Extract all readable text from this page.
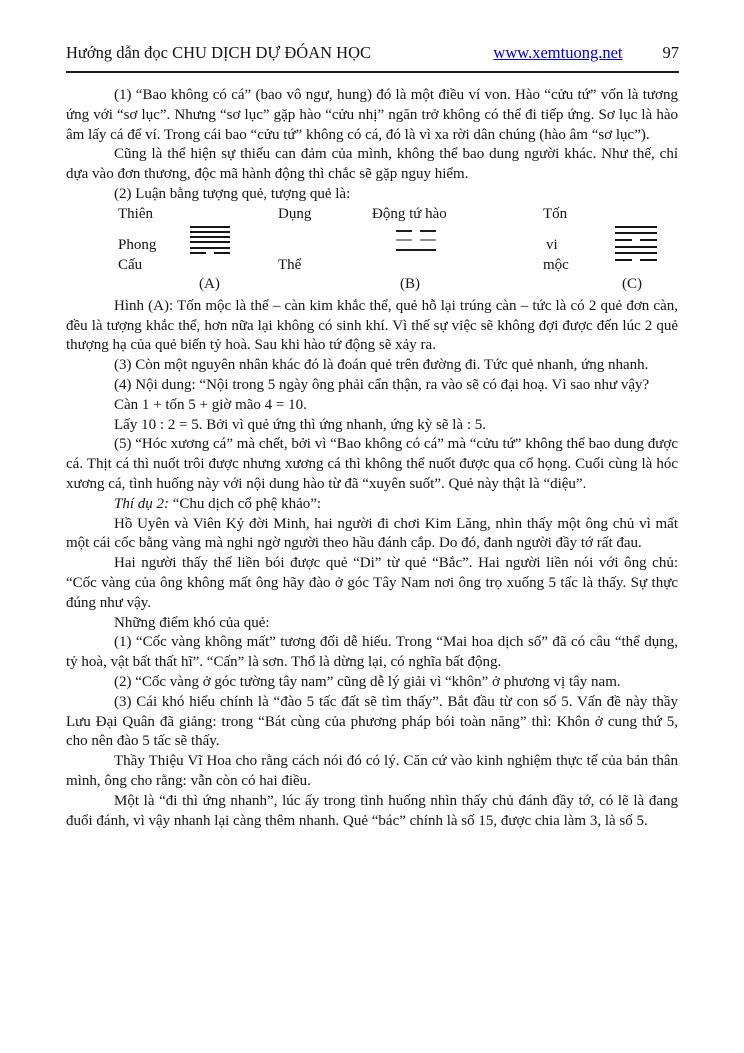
Hướng dẫn đọc CHU DỊCH DỰ ĐÓAN HỌC	www.xemtuong.net 97

(1) “Bao không có cá” (bao vô ngư, hung) đó là một điều ví von. Hào “cửu tứ” vốn là tương ứng với “sơ lục”. Nhưng “sơ lục” gặp hào “cửu nhị” ngăn trở không có thể đi tiếp ứng. Sơ lục là hào âm lấy cá để ví. Trong cái bao “cửu tứ” không có cá, đó là vì xa rời dân chúng (hào âm “sơ lục”).

Cũng là thể hiện sự thiếu can đảm của mình, không thể bao dung người khác. Như thế, chỉ dựa vào đơn thương, độc mã hành động thì chắc sẽ gặp nguy hiểm.

(2) Luận bằng tượng quẻ, tượng quẻ là:

Thiên	Dụng	Động tứ hào	Tốn
Phong	vi
Cấu	Thể	mộc
(A)	(B)	(C)

Hình (A): Tốn mộc là thể – càn kim khắc thể, quẻ hỗ lại trúng càn – tức là có 2 quẻ đơn càn, đều là tượng khắc thể, hơn nữa lại không có sinh khí. Vì thế sự việc sẽ không đợi được đến lúc 2 quẻ thượng hạ của quẻ biến tỷ hoà. Sau khi hào tứ động sẽ xảy ra.

(3) Còn một nguyên nhân khác đó là đoán quẻ trên đường đi. Tức quẻ nhanh, ứng nhanh.

(4) Nội dung: “Nội trong 5 ngày ông phải cẩn thận, ra vào sẽ có đại hoạ. Vì sao như vậy?

Càn 1 + tốn 5 + giờ mão 4 = 10.

Lấy 10 : 2 = 5. Bởi vì quẻ ứng thì ứng nhanh, ứng kỳ sẽ là : 5.

(5) “Hóc xương cá” mà chết, bởi vì “Bao không có cá” mà “cửu tứ” không thể bao dung được cá. Thịt cá thì nuốt trôi được nhưng xương cá thì không thể nuốt được qua cổ họng. Cuối cùng là hóc xương cá, tình huống này với nội dung hào từ đã “xuyên suốt”. Quẻ này thật là “diệu”.

Thí dụ 2: “Chu dịch cổ phệ khảo”:

Hồ Uyên và Viên Kỷ đời Minh, hai người đi chơi Kim Lăng, nhìn thấy một ông chủ vì mất một cái cốc bằng vàng mà nghi ngờ người theo hầu đánh cắp. Do đó, đanh người đầy tớ rất đau.

Hai người thấy thế liền bói được quẻ “Di” từ quẻ “Bắc”. Hai người liền nói với ông chủ: “Cốc vàng của ông không mất ông hãy đào ở góc Tây Nam nơi ông trọ xuống 5 tấc là thấy. Sự thực đúng như vậy.

Những điểm khó của quẻ:

(1) “Cốc vàng không mất” tương đối dễ hiểu. Trong “Mai hoa dịch số” đã có câu “thể dụng, tỷ hoà, vật bất thất hĩ”. “Cấn” là sơn. Thổ là dừng lại, có nghĩa bất động.

(2) “Cốc vàng ở góc tường tây nam” cũng dễ lý giải vì “khôn” ở phương vị tây nam.

(3) Cái khó hiểu chính là “đào 5 tấc đất sẽ tìm thấy”. Bắt đầu từ con số 5. Vấn đề này thầy Lưu Đại Quân đã giảng: trong “Bát cùng của phương pháp bói toàn năng” thì: Khôn ở cung thứ 5, cho nên đào 5 tấc sẽ thấy.

Thầy Thiệu Vĩ Hoa cho rằng cách nói đó có lý. Căn cứ vào kinh nghiệm thực tế của bản thân mình, ông cho rằng: vẫn còn có hai điều.

Một là “đi thì ứng nhanh”, lúc ấy trong tình huống nhìn thấy chủ đánh đầy tớ, có lẽ là đang đuổi đánh, vì vậy nhanh lại càng thêm nhanh. Quẻ “bác” chính là số 15, được chia làm 3, là số 5.
